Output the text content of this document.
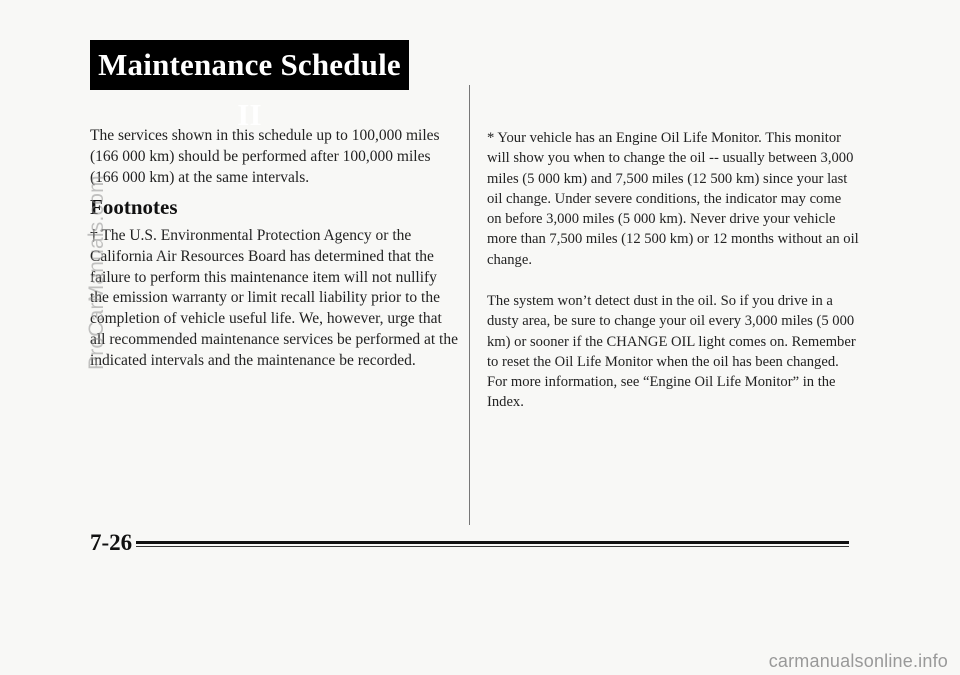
Maintenance Schedule II

The services shown in this schedule up to 100,000 miles (166 000 km) should be performed after 100,000 miles (166 000 km) at the same intervals.

Footnotes

† The U.S. Environmental Protection Agency or the California Air Resources Board has determined that the failure to perform this maintenance item will not nullify the emission warranty or limit recall liability prior to the completion of vehicle useful life. We, however, urge that all recommended maintenance services be performed at the indicated intervals and the maintenance be recorded.

* Your vehicle has an Engine Oil Life Monitor. This monitor will show you when to change the oil -- usually between 3,000 miles (5 000 km) and 7,500 miles (12 500 km) since your last oil change. Under severe conditions, the indicator may come on before 3,000 miles (5 000 km). Never drive your vehicle more than 7,500 miles (12 500 km) or 12 months without an oil change.

The system won’t detect dust in the oil. So if you drive in a dusty area, be sure to change your oil every 3,000 miles (5 000 km) or sooner if the CHANGE OIL light comes on. Remember to reset the Oil Life Monitor when the oil has been changed. For more information, see “Engine Oil Life Monitor” in the Index.

7-26
ProCarManuals.com
carmanualsonline.info
